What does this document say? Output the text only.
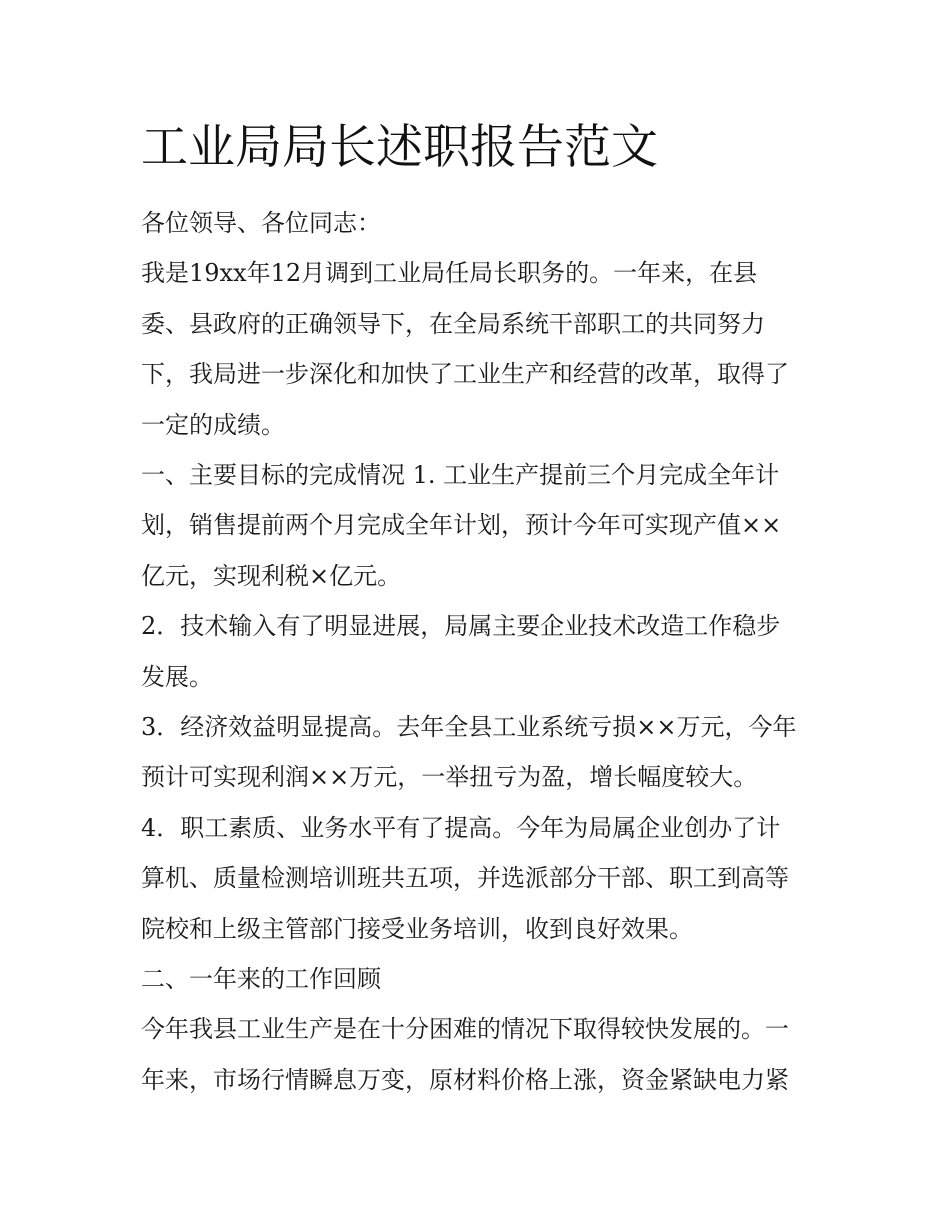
工业局局长述职报告范文

各位领导、各位同志：

我是19xx年12月调到工业局任局长职务的。一年来，在县

委、县政府的正确领导下，在全局系统干部职工的共同努力

下，我局进一步深化和加快了工业生产和经营的改革，取得了

一定的成绩。

一、主要目标的完成情况 1. 工业生产提前三个月完成全年计

划，销售提前两个月完成全年计划，预计今年可实现产值××

亿元，实现利税×亿元。

2．技术输入有了明显进展，局属主要企业技术改造工作稳步

发展。

3．经济效益明显提高。去年全县工业系统亏损××万元，今年

预计可实现利润××万元，一举扭亏为盈，增长幅度较大。

4．职工素质、业务水平有了提高。今年为局属企业创办了计

算机、质量检测培训班共五项，并选派部分干部、职工到高等

院校和上级主管部门接受业务培训，收到良好效果。

二、一年来的工作回顾

今年我县工业生产是在十分困难的情况下取得较快发展的。一

年来，市场行情瞬息万变，原材料价格上涨，资金紧缺电力紧
